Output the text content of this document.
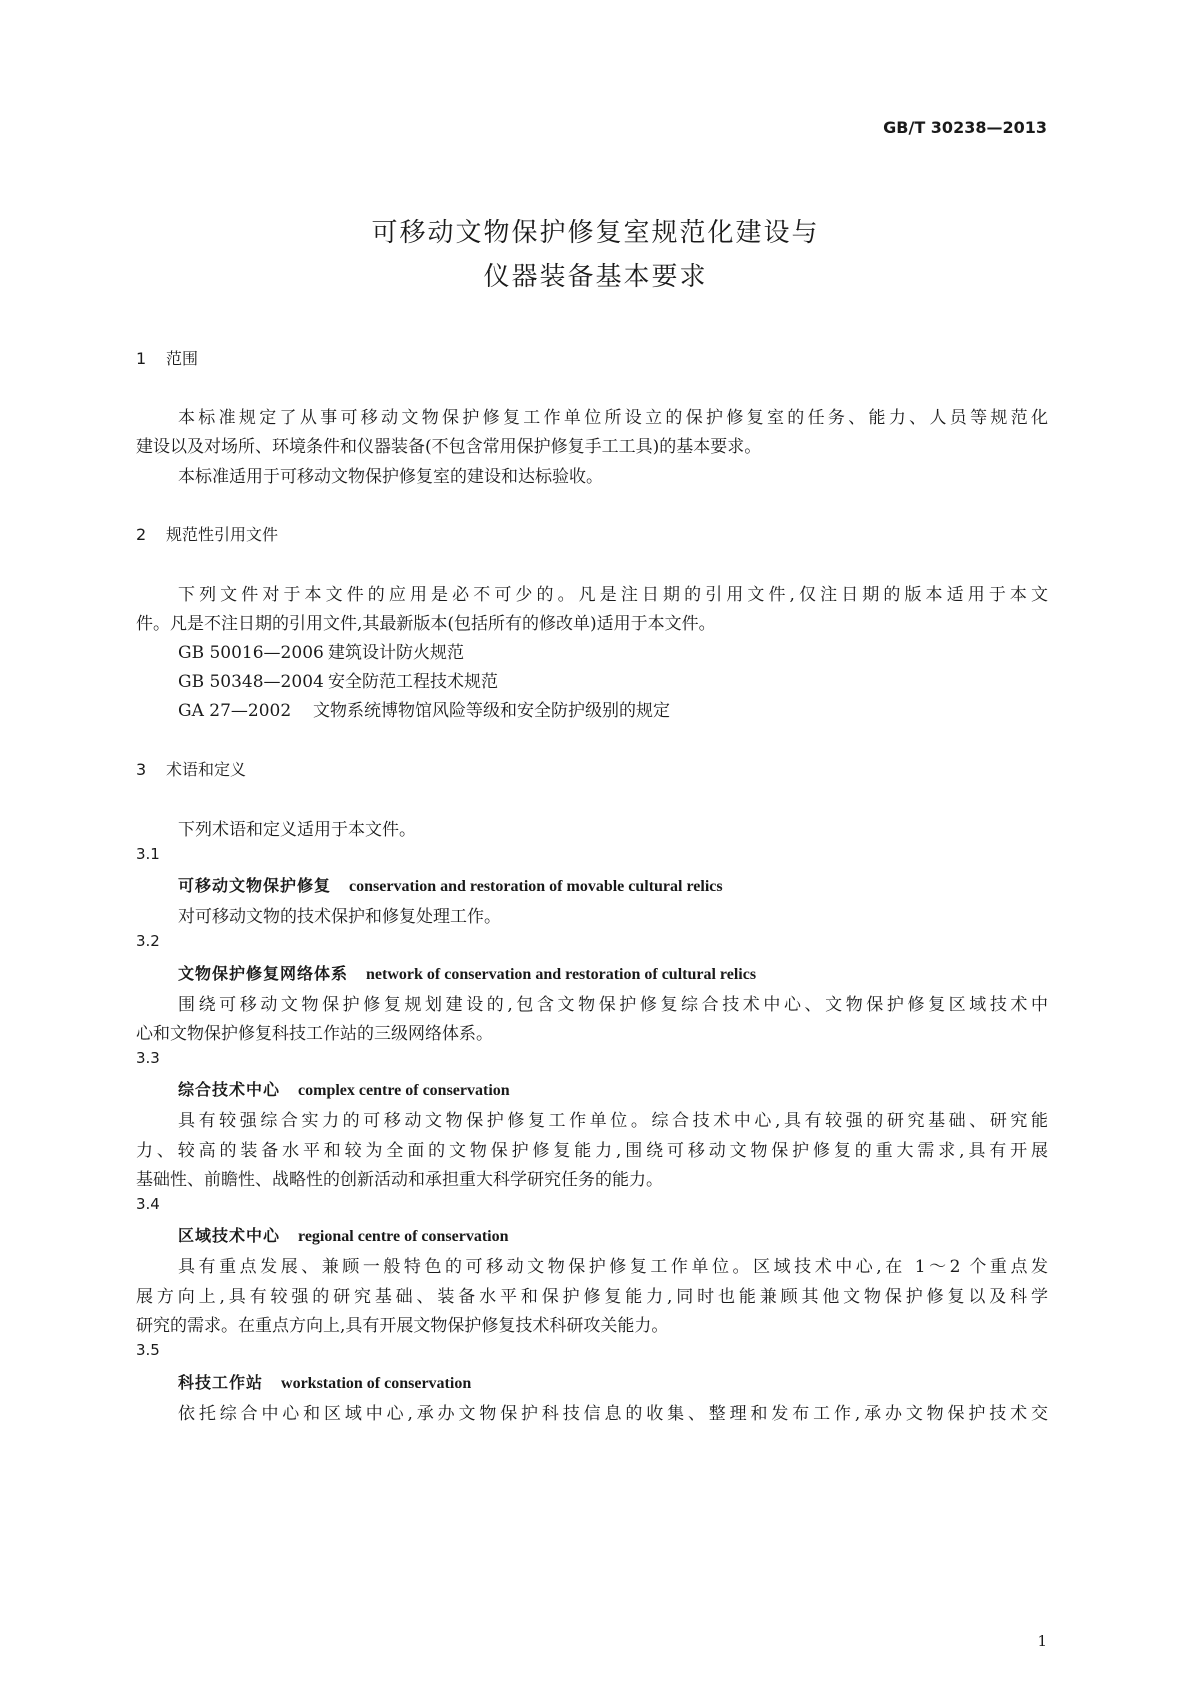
GB/T 30238—2013
可移动文物保护修复室规范化建设与
仪器装备基本要求
1 范围
本标准规定了从事可移动文物保护修复工作单位所设立的保护修复室的任务、能力、人员等规范化
建设以及对场所、环境条件和仪器装备(不包含常用保护修复手工工具)的基本要求。
本标准适用于可移动文物保护修复室的建设和达标验收。
2 规范性引用文件
下列文件对于本文件的应用是必不可少的。凡是注日期的引用文件,仅注日期的版本适用于本文
件。凡是不注日期的引用文件,其最新版本(包括所有的修改单)适用于本文件。
GB 50016—2006 建筑设计防火规范
GB 50348—2004 安全防范工程技术规范
GA 27—2002 文物系统博物馆风险等级和安全防护级别的规定
3 术语和定义
下列术语和定义适用于本文件。
3.1
可移动文物保护修复 conservation and restoration of movable cultural relics
对可移动文物的技术保护和修复处理工作。
3.2
文物保护修复网络体系 network of conservation and restoration of cultural relics
围绕可移动文物保护修复规划建设的,包含文物保护修复综合技术中心、文物保护修复区域技术中
心和文物保护修复科技工作站的三级网络体系。
3.3
综合技术中心 complex centre of conservation
具有较强综合实力的可移动文物保护修复工作单位。综合技术中心,具有较强的研究基础、研究能
力、较高的装备水平和较为全面的文物保护修复能力,围绕可移动文物保护修复的重大需求,具有开展
基础性、前瞻性、战略性的创新活动和承担重大科学研究任务的能力。
3.4
区域技术中心 regional centre of conservation
具有重点发展、兼顾一般特色的可移动文物保护修复工作单位。区域技术中心,在 1～2 个重点发
展方向上,具有较强的研究基础、装备水平和保护修复能力,同时也能兼顾其他文物保护修复以及科学
研究的需求。在重点方向上,具有开展文物保护修复技术科研攻关能力。
3.5
科技工作站 workstation of conservation
依托综合中心和区域中心,承办文物保护科技信息的收集、整理和发布工作,承办文物保护技术交
1
